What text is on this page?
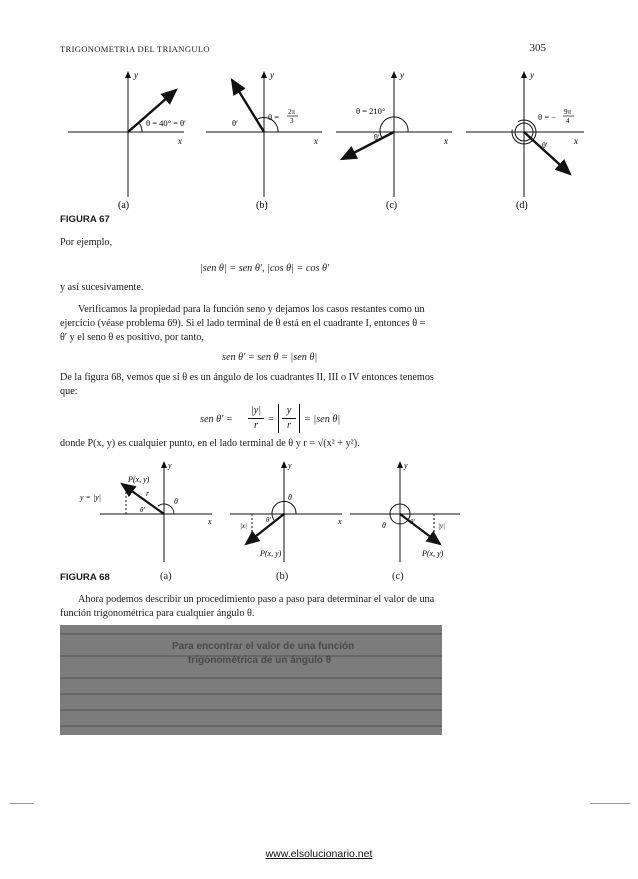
TRIGONOMETRIA DEL TRIANGULO	305
y
x
θ = 40° = θ′
(a)
y
x
θ′
θ = 2π
3
(b)
y
x
θ = 210°
θ′
(c)
y
x
θ = − 9π
4
θ′
(d)
FIGURA 67
Por ejemplo,
|sen θ| = sen θ′, |cos θ| = cos θ′
y así sucesivamente.
Verificamos la propiedad para la función seno y dejamos los casos restantes como un
ejercicio (véase problema 69). Si el lado terminal de θ está en el cuadrante I, entonces θ =
θ′ y el seno θ es positivo, por tanto,
sen θ′ = sen θ = |sen θ|
De la figura 68, vemos que si θ es un ángulo de los cuadrantes II, III o IV entonces tenemos
que:
sen θ′ =
|y|
r
=
y
r
= |sen θ|
donde P(x, y) es cualquier punto, en el lado terminal de θ y r = √(x² + y²).
P(x, y)
y = |y|	r
θ
θ′
x
y
P(x, y)
|x|
θ
θ′	x
y
P(x, y)
|y|
θ	θ′
y
FIGURA 68	(a)	(b)	(c)
Ahora podemos describir un procedimiento paso a paso para determinar el valor de una
función trigonométrica para cualquier ángulo θ.
Para encontrar el valor de una función
trigonométrica de un ángulo θ
www.elsolucionario.net
